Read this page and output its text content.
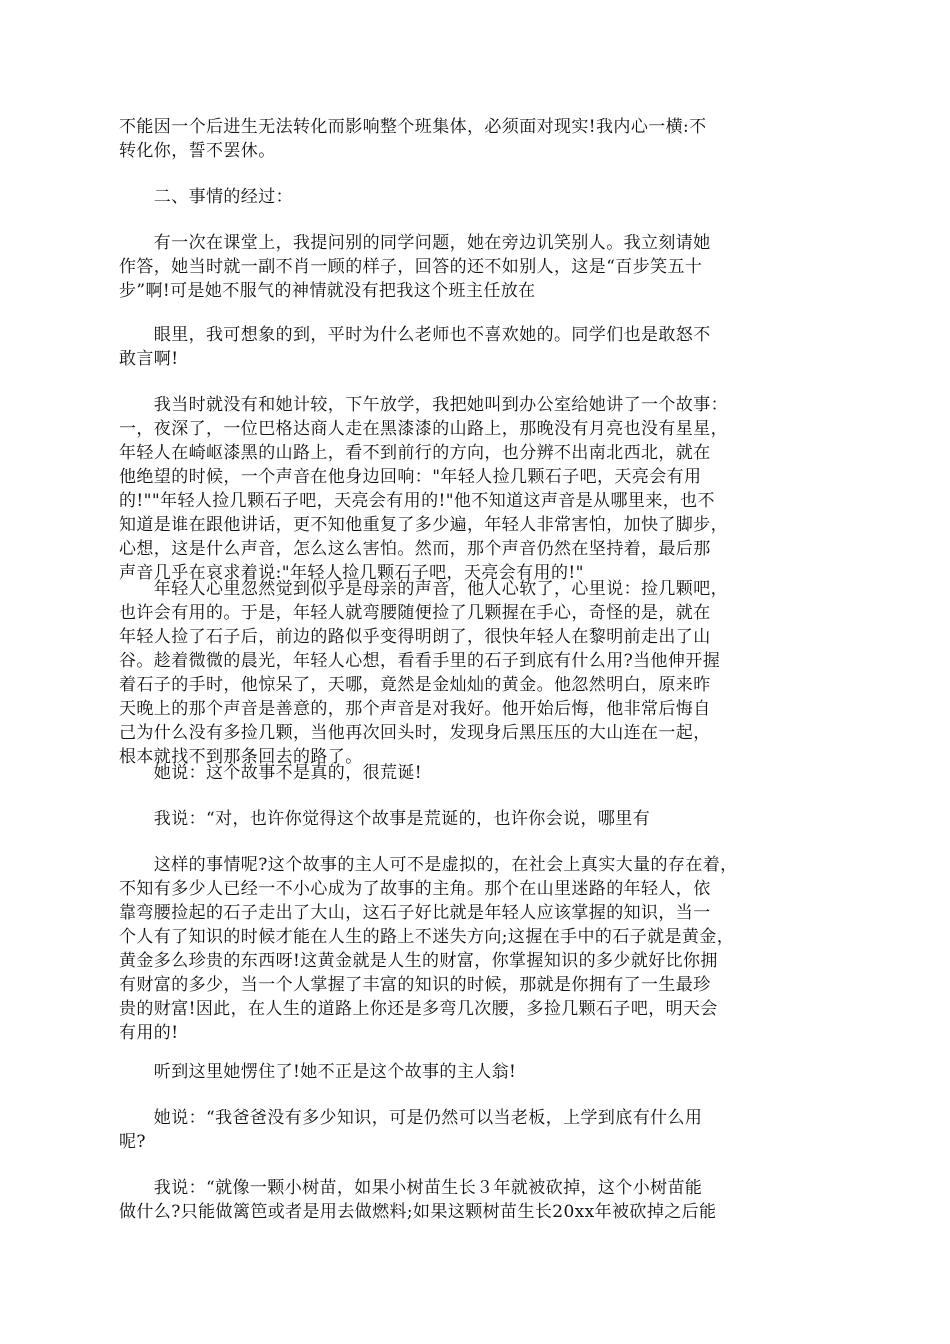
不能因一个后进生无法转化而影响整个班集体，必须面对现实!我内心一横:不
转化你，誓不罢休。

　　二、事情的经过：

　　有一次在课堂上，我提问别的同学问题，她在旁边讥笑别人。我立刻请她
作答，她当时就一副不肖一顾的样子，回答的还不如别人，这是“百步笑五十
步”啊!可是她不服气的神情就没有把我这个班主任放在

　　眼里，我可想象的到，平时为什么老师也不喜欢她的。同学们也是敢怒不
敢言啊!

　　我当时就没有和她计较，下午放学，我把她叫到办公室给她讲了一个故事：
一，夜深了，一位巴格达商人走在黑漆漆的山路上，那晚没有月亮也没有星星，
年轻人在崎岖漆黑的山路上，看不到前行的方向，也分辨不出南北西北，就在
他绝望的时候，一个声音在他身边回响："年轻人捡几颗石子吧，天亮会有用
的!""年轻人捡几颗石子吧，天亮会有用的!"他不知道这声音是从哪里来，也不
知道是谁在跟他讲话，更不知他重复了多少遍，年轻人非常害怕，加快了脚步，
心想，这是什么声音，怎么这么害怕。然而，那个声音仍然在坚持着，最后那
声音几乎在哀求着说:"年轻人捡几颗石子吧，天亮会有用的!"

　　年轻人心里忽然觉到似乎是母亲的声音，他人心软了，心里说：捡几颗吧，
也许会有用的。于是，年轻人就弯腰随便捡了几颗握在手心，奇怪的是，就在
年轻人捡了石子后，前边的路似乎变得明朗了，很快年轻人在黎明前走出了山
谷。趁着微微的晨光，年轻人心想，看看手里的石子到底有什么用?当他伸开握
着石子的手时，他惊呆了，天哪，竟然是金灿灿的黄金。他忽然明白，原来昨
天晚上的那个声音是善意的，那个声音是对我好。他开始后悔，他非常后悔自
己为什么没有多捡几颗，当他再次回头时，发现身后黑压压的大山连在一起，
根本就找不到那条回去的路了。

　　她说：这个故事不是真的，很荒诞!

　　我说：“对，也许你觉得这个故事是荒诞的，也许你会说，哪里有

　　这样的事情呢?这个故事的主人可不是虚拟的，在社会上真实大量的存在着，
不知有多少人已经一不小心成为了故事的主角。那个在山里迷路的年轻人，依
靠弯腰捡起的石子走出了大山，这石子好比就是年轻人应该掌握的知识，当一
个人有了知识的时候才能在人生的路上不迷失方向;这握在手中的石子就是黄金，
黄金多么珍贵的东西呀!这黄金就是人生的财富，你掌握知识的多少就好比你拥
有财富的多少，当一个人掌握了丰富的知识的时候，那就是你拥有了一生最珍
贵的财富!因此，在人生的道路上你还是多弯几次腰，多捡几颗石子吧，明天会
有用的!

　　听到这里她愣住了!她不正是这个故事的主人翁!

　　她说：“我爸爸没有多少知识，可是仍然可以当老板，上学到底有什么用
呢?

　　我说：“就像一颗小树苗，如果小树苗生长３年就被砍掉，这个小树苗能
做什么?只能做篱笆或者是用去做燃料;如果这颗树苗生长20xx年被砍掉之后能
